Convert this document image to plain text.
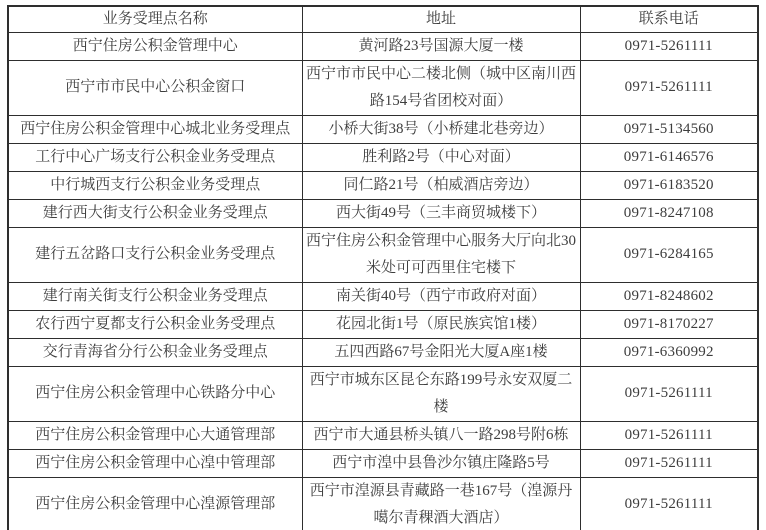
业务受理点名称	地址	联系电话
西宁住房公积金管理中心	黄河路23号国源大厦一楼	0971-5261111
西宁市市民中心公积金窗口	西宁市市民中心二楼北侧（城中区南川西路154号省团校对面）	0971-5261111
西宁住房公积金管理中心城北业务受理点	小桥大街38号（小桥建北巷旁边）	0971-5134560
工行中心广场支行公积金业务受理点	胜利路2号（中心对面）	0971-6146576
中行城西支行公积金业务受理点	同仁路21号（柏威酒店旁边）	0971-6183520
建行西大街支行公积金业务受理点	西大街49号（三丰商贸城楼下）	0971-8247108
建行五岔路口支行公积金业务受理点	西宁住房公积金管理中心服务大厅向北30米处可可西里住宅楼下	0971-6284165
建行南关街支行公积金业务受理点	南关街40号（西宁市政府对面）	0971-8248602
农行西宁夏都支行公积金业务受理点	花园北街1号（原民族宾馆1楼）	0971-8170227
交行青海省分行公积金业务受理点	五四西路67号金阳光大厦A座1楼	0971-6360992
西宁住房公积金管理中心铁路分中心	西宁市城东区昆仑东路199号永安双厦二楼	0971-5261111
西宁住房公积金管理中心大通管理部	西宁市大通县桥头镇八一路298号附6栋	0971-5261111
西宁住房公积金管理中心湟中管理部	西宁市湟中县鲁沙尔镇庄隆路5号	0971-5261111
西宁住房公积金管理中心湟源管理部	西宁市湟源县青藏路一巷167号（湟源丹噶尔青稞酒大酒店）	0971-5261111
